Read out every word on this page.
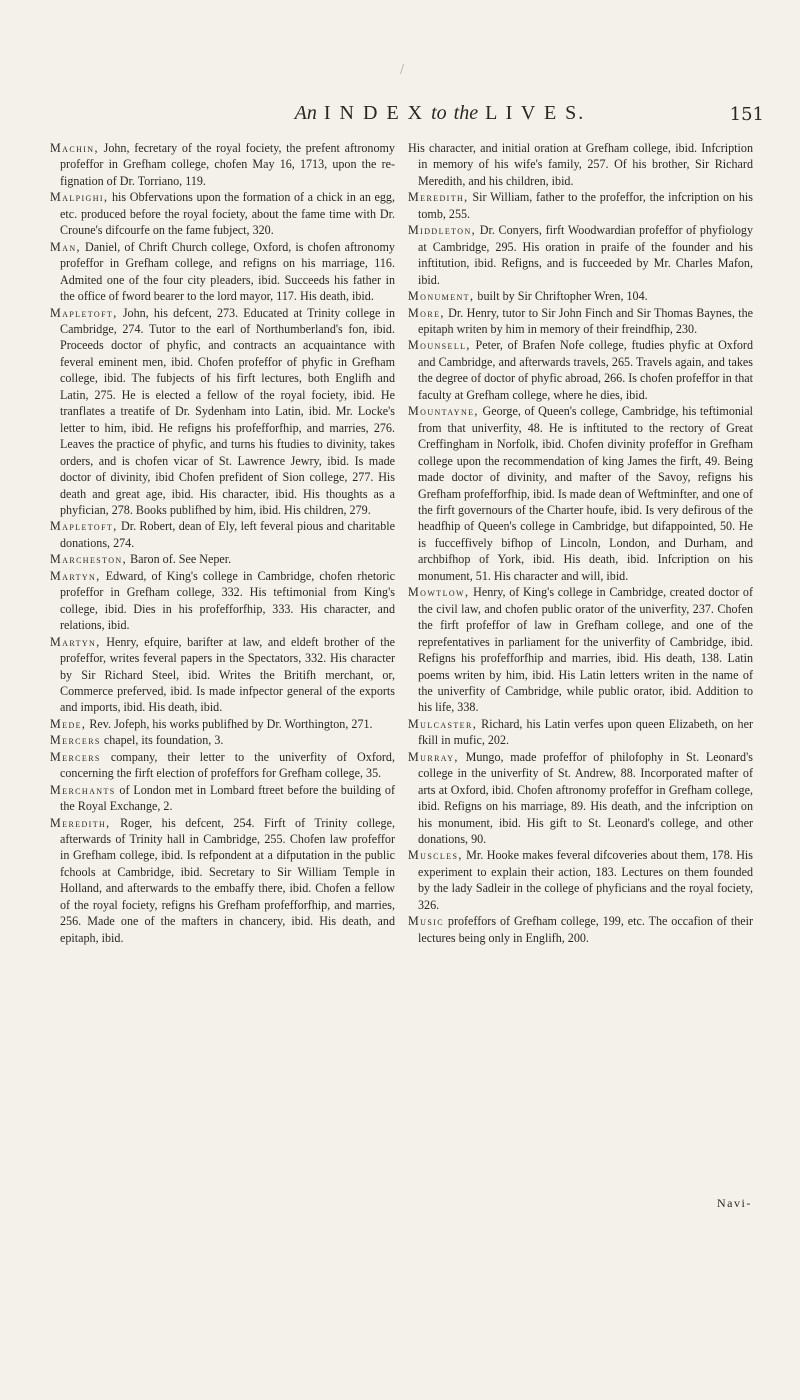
/
An I N D E X to the L I V E S.	151

Machin, John, fecretary of the royal fociety, the prefent aftronomy profeffor in Grefham college, chofen May 16, 1713, upon the re-fignation of Dr. Torriano, 119.

Malpighi, his Obfervations upon the formation of a chick in an egg, etc. produced before the royal fociety, about the fame time with Dr. Croune's difcourfe on the fame fubject, 320.

Man, Daniel, of Chrift Church college, Oxford, is chofen aftronomy profeffor in Grefham college, and refigns on his marriage, 116. Admited one of the four city pleaders, ibid. Succeeds his father in the office of fword bearer to the lord mayor, 117. His death, ibid.

Mapletoft, John, his defcent, 273. Educated at Trinity college in Cambridge, 274. Tutor to the earl of Northumberland's fon, ibid. Proceeds doctor of phyfic, and contracts an acquaintance with feveral eminent men, ibid. Chofen profeffor of phyfic in Grefham college, ibid. The fubjects of his firft lectures, both Englifh and Latin, 275. He is elected a fellow of the royal fociety, ibid. He tranflates a treatife of Dr. Sydenham into Latin, ibid. Mr. Locke's letter to him, ibid. He refigns his profefforfhip, and marries, 276. Leaves the practice of phyfic, and turns his ftudies to divinity, takes orders, and is chofen vicar of St. Lawrence Jewry, ibid. Is made doctor of divinity, ibid Chofen prefident of Sion college, 277. His death and great age, ibid. His character, ibid. His thoughts as a phyfician, 278. Books publifhed by him, ibid. His children, 279.

Mapletoft, Dr. Robert, dean of Ely, left feveral pious and charitable donations, 274.

Marcheston, Baron of. See Neper.

Martyn, Edward, of King's college in Cambridge, chofen rhetoric profeffor in Grefham college, 332. His teftimonial from King's college, ibid. Dies in his profefforfhip, 333. His character, and relations, ibid.

Martyn, Henry, efquire, barifter at law, and eldeft brother of the profeffor, writes feveral papers in the Spectators, 332. His character by Sir Richard Steel, ibid. Writes the Britifh merchant, or, Commerce preferved, ibid. Is made infpector general of the exports and imports, ibid. His death, ibid.

Mede, Rev. Jofeph, his works publifhed by Dr. Worthington, 271.

Mercers chapel, its foundation, 3.

Mercers company, their letter to the univerfity of Oxford, concerning the firft election of profeffors for Grefham college, 35.

Merchants of London met in Lombard ftreet before the building of the Royal Exchange, 2.

Meredith, Roger, his defcent, 254. Firft of Trinity college, afterwards of Trinity hall in Cambridge, 255. Chofen law profeffor in Grefham college, ibid. Is refpondent at a difputation in the public fchools at Cambridge, ibid. Secretary to Sir William Temple in Holland, and afterwards to the embaffy there, ibid. Chofen a fellow of the royal fociety, refigns his Grefham profefforfhip, and marries, 256. Made one of the mafters in chancery, ibid. His death, and epitaph, ibid.

His character, and initial oration at Grefham college, ibid. Infcription in memory of his wife's family, 257. Of his brother, Sir Richard Meredith, and his children, ibid.

Meredith, Sir William, father to the profeffor, the infcription on his tomb, 255.

Middleton, Dr. Conyers, firft Woodwardian profeffor of phyfiology at Cambridge, 295. His oration in praife of the founder and his inftitution, ibid. Refigns, and is fucceeded by Mr. Charles Mafon, ibid.

Monument, built by Sir Chriftopher Wren, 104.

More, Dr. Henry, tutor to Sir John Finch and Sir Thomas Baynes, the epitaph writen by him in memory of their freindfhip, 230.

Mounsell, Peter, of Brafen Nofe college, ftudies phyfic at Oxford and Cambridge, and afterwards travels, 265. Travels again, and takes the degree of doctor of phyfic abroad, 266. Is chofen profeffor in that faculty at Grefham college, where he dies, ibid.

Mountayne, George, of Queen's college, Cambridge, his teftimonial from that univerfity, 48. He is inftituted to the rectory of Great Creffingham in Norfolk, ibid. Chofen divinity profeffor in Grefham college upon the recommendation of king James the firft, 49. Being made doctor of divinity, and mafter of the Savoy, refigns his Grefham profefforfhip, ibid. Is made dean of Weftminfter, and one of the firft governours of the Charter houfe, ibid. Is very defirous of the headfhip of Queen's college in Cambridge, but difappointed, 50. He is fucceffively bifhop of Lincoln, London, and Durham, and archbifhop of York, ibid. His death, ibid. Infcription on his monument, 51. His character and will, ibid.

Mowtlow, Henry, of King's college in Cambridge, created doctor of the civil law, and chofen public orator of the univerfity, 237. Chofen the firft profeffor of law in Grefham college, and one of the reprefentatives in parliament for the univerfity of Cambridge, ibid. Refigns his profefforfhip and marries, ibid. His death, 138. Latin poems writen by him, ibid. His Latin letters writen in the name of the univerfity of Cambridge, while public orator, ibid. Addition to his life, 338.

Mulcaster, Richard, his Latin verfes upon queen Elizabeth, on her fkill in mufic, 202.

Murray, Mungo, made profeffor of philofophy in St. Leonard's college in the univerfity of St. Andrew, 88. Incorporated mafter of arts at Oxford, ibid. Chofen aftronomy profeffor in Grefham college, ibid. Refigns on his marriage, 89. His death, and the infcription on his monument, ibid. His gift to St. Leonard's college, and other donations, 90.

Muscles, Mr. Hooke makes feveral difcoveries about them, 178. His experiment to explain their action, 183. Lectures on them founded by the lady Sadleir in the college of phyficians and the royal fociety, 326.

Music profeffors of Grefham college, 199, etc. The occafion of their lectures being only in Englifh, 200.

Navi-
